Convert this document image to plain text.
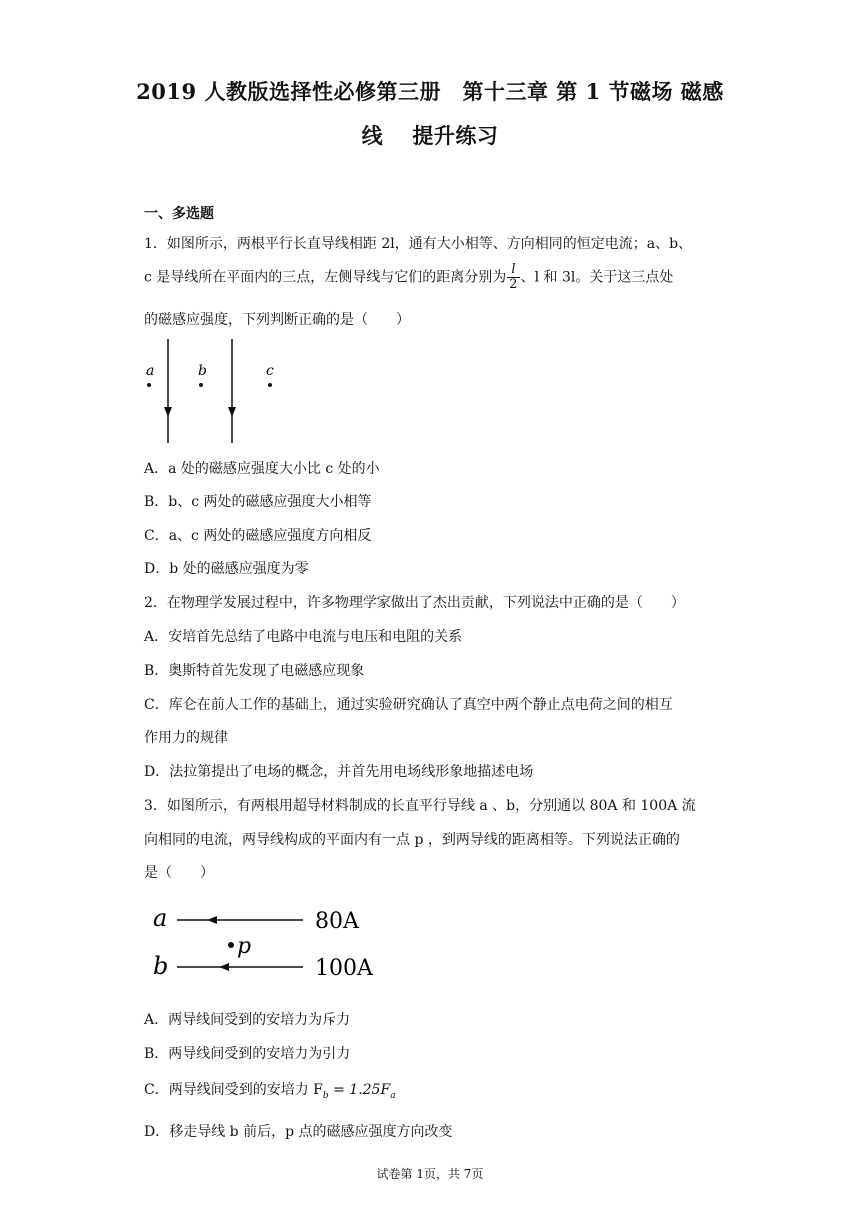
2019 人教版选择性必修第三册　第十三章 第 1 节磁场 磁感
线　 提升练习
一、多选题
1．如图所示，两根平行长直导线相距 2l，通有大小相等、方向相同的恒定电流；a、b、
c 是导线所在平面内的三点，左侧导线与它们的距离分别为 $\frac{l}{2}$ 、l 和 3l。关于这三点处
的磁感应强度，下列判断正确的是（　　）
a	b	c
A．a 处的磁感应强度大小比 c 处的小
B．b、c 两处的磁感应强度大小相等
C．a、c 两处的磁感应强度方向相反
D．b 处的磁感应强度为零
2．在物理学发展过程中，许多物理学家做出了杰出贡献，下列说法中正确的是（　　）
A．安培首先总结了电路中电流与电压和电阻的关系
B．奥斯特首先发现了电磁感应现象
C．库仑在前人工作的基础上，通过实验研究确认了真空中两个静止点电荷之间的相互
作用力的规律
D．法拉第提出了电场的概念，并首先用电场线形象地描述电场
3．如图所示，有两根用超导材料制成的长直平行导线 a 、b，分别通以 80A 和 100A 流
向相同的电流，两导线构成的平面内有一点 p ，到两导线的距离相等。下列说法正确的
是（　　）
a	80A
p
b	100A
A．两导线间受到的安培力为斥力
B．两导线间受到的安培力为引力
C．两导线间受到的安培力 $F_b = 1.25F_a$
D．移走导线 b 前后，p 点的磁感应强度方向改变
试卷第 1页，共 7页
